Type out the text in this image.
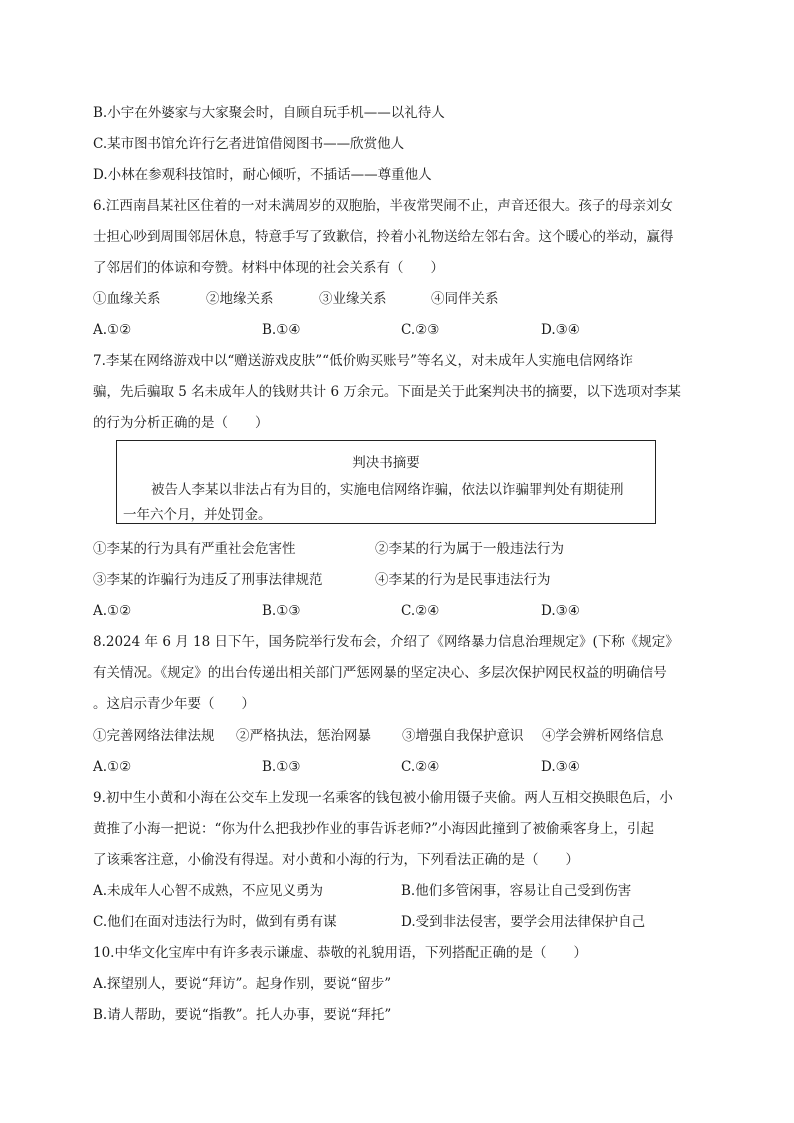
B.小宇在外婆家与大家聚会时，自顾自玩手机——以礼待人
C.某市图书馆允许行乞者进馆借阅图书——欣赏他人
D.小林在参观科技馆时，耐心倾听，不插话——尊重他人
6.江西南昌某社区住着的一对未满周岁的双胞胎，半夜常哭闹不止，声音还很大。孩子的母亲刘女
士担心吵到周围邻居休息，特意手写了致歉信，拎着小礼物送给左邻右舍。这个暖心的举动，赢得
了邻居们的体谅和夸赞。材料中体现的社会关系有（　　）
①血缘关系	②地缘关系	③业缘关系	④同伴关系
A.①②	B.①④	C.②③	D.③④
7.李某在网络游戏中以“赠送游戏皮肤”“低价购买账号”等名义，对未成年人实施电信网络诈
骗，先后骗取 5 名未成年人的钱财共计 6 万余元。下面是关于此案判决书的摘要，以下选项对李某
的行为分析正确的是（　　）
判决书摘要
被告人李某以非法占有为目的，实施电信网络诈骗，依法以诈骗罪判处有期徒刑
一年六个月，并处罚金。
①李某的行为具有严重社会危害性	②李某的行为属于一般违法行为
③李某的诈骗行为违反了刑事法律规范	④李某的行为是民事违法行为
A.①②	B.①③	C.②④	D.③④
8.2024 年 6 月 18 日下午，国务院举行发布会，介绍了《网络暴力信息治理规定》(下称《规定》
有关情况。《规定》的出台传递出相关部门严惩网暴的坚定决心、多层次保护网民权益的明确信号
。这启示青少年要（　　）
①完善网络法律法规 ②严格执法，惩治网暴 ③增强自我保护意识 ④学会辨析网络信息
A.①②	B.①③	C.②④	D.③④
9.初中生小黄和小海在公交车上发现一名乘客的钱包被小偷用镊子夹偷。两人互相交换眼色后，小
黄推了小海一把说：“你为什么把我抄作业的事告诉老师?”小海因此撞到了被偷乘客身上，引起
了该乘客注意，小偷没有得逞。对小黄和小海的行为，下列看法正确的是（　　）
A.未成年人心智不成熟，不应见义勇为	B.他们多管闲事，容易让自己受到伤害
C.他们在面对违法行为时，做到有勇有谋	D.受到非法侵害，要学会用法律保护自己
10.中华文化宝库中有许多表示谦虚、恭敬的礼貌用语，下列搭配正确的是（　　）
A.探望别人，要说“拜访”。起身作别，要说“留步”
B.请人帮助，要说“指教”。托人办事，要说“拜托”
